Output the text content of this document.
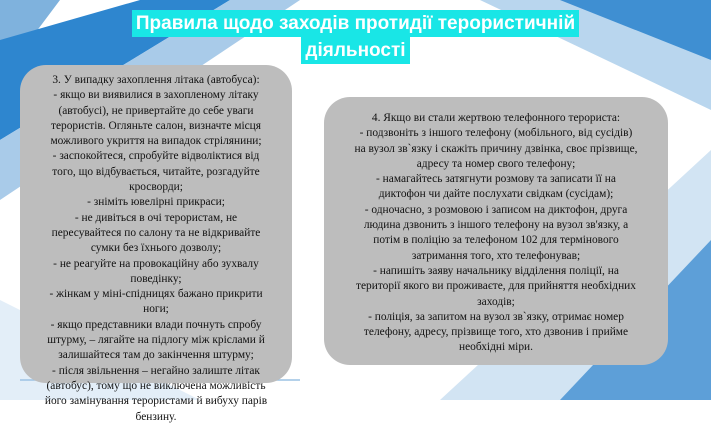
Правила щодо заходів протидії терористичній
діяльності

3. У випадку захоплення літака (автобуса):

- якщо ви виявилися в захопленому літаку

(автобусі), не привертайте до себе уваги

терористів. Огляньте салон, визначте місця

можливого укриття на випадок стрілянини;

- заспокойтеся, спробуйте відволіктися від

того, що відбувається, читайте, розгадуйте

кросворди;

- зніміть ювелірні прикраси;

- не дивіться в очі терористам, не

пересувайтеся по салону та не відкривайте

сумки без їхнього дозволу;

- не реагуйте на провокаційну або зухвалу

поведінку;

- жінкам у міні-спідницях бажано прикрити

ноги;

- якщо представники влади почнуть спробу

штурму, – лягайте на підлогу між кріслами й

залишайтеся там до закінчення штурму;

- після звільнення – негайно залиште літак

(автобус), тому що не виключена можливість

його замінування терористами й вибуху парів

бензину.

4. Якщо ви стали жертвою телефонного терориста:

- подзвоніть з іншого телефону (мобільного, від сусідів)

на вузол зв`язку і скажіть причину дзвінка, своє прізвище,

адресу та номер свого телефону;

- намагайтесь затягнути розмову та записати її на

диктофон чи дайте послухати свідкам (сусідам);

- одночасно, з розмовою і записом на диктофон, друга

людина дзвонить з іншого телефону на вузол зв'язку, а

потім в поліцію за телефоном 102 для термінового

затримання того, хто телефонував;

- напишіть заяву начальнику відділення поліції, на

території якого ви проживаєте, для прийняття необхідних

заходів;

- поліція, за запитом на вузол зв`язку, отримає номер

телефону, адресу, прізвище того, хто дзвонив і прийме

необхідні міри.
